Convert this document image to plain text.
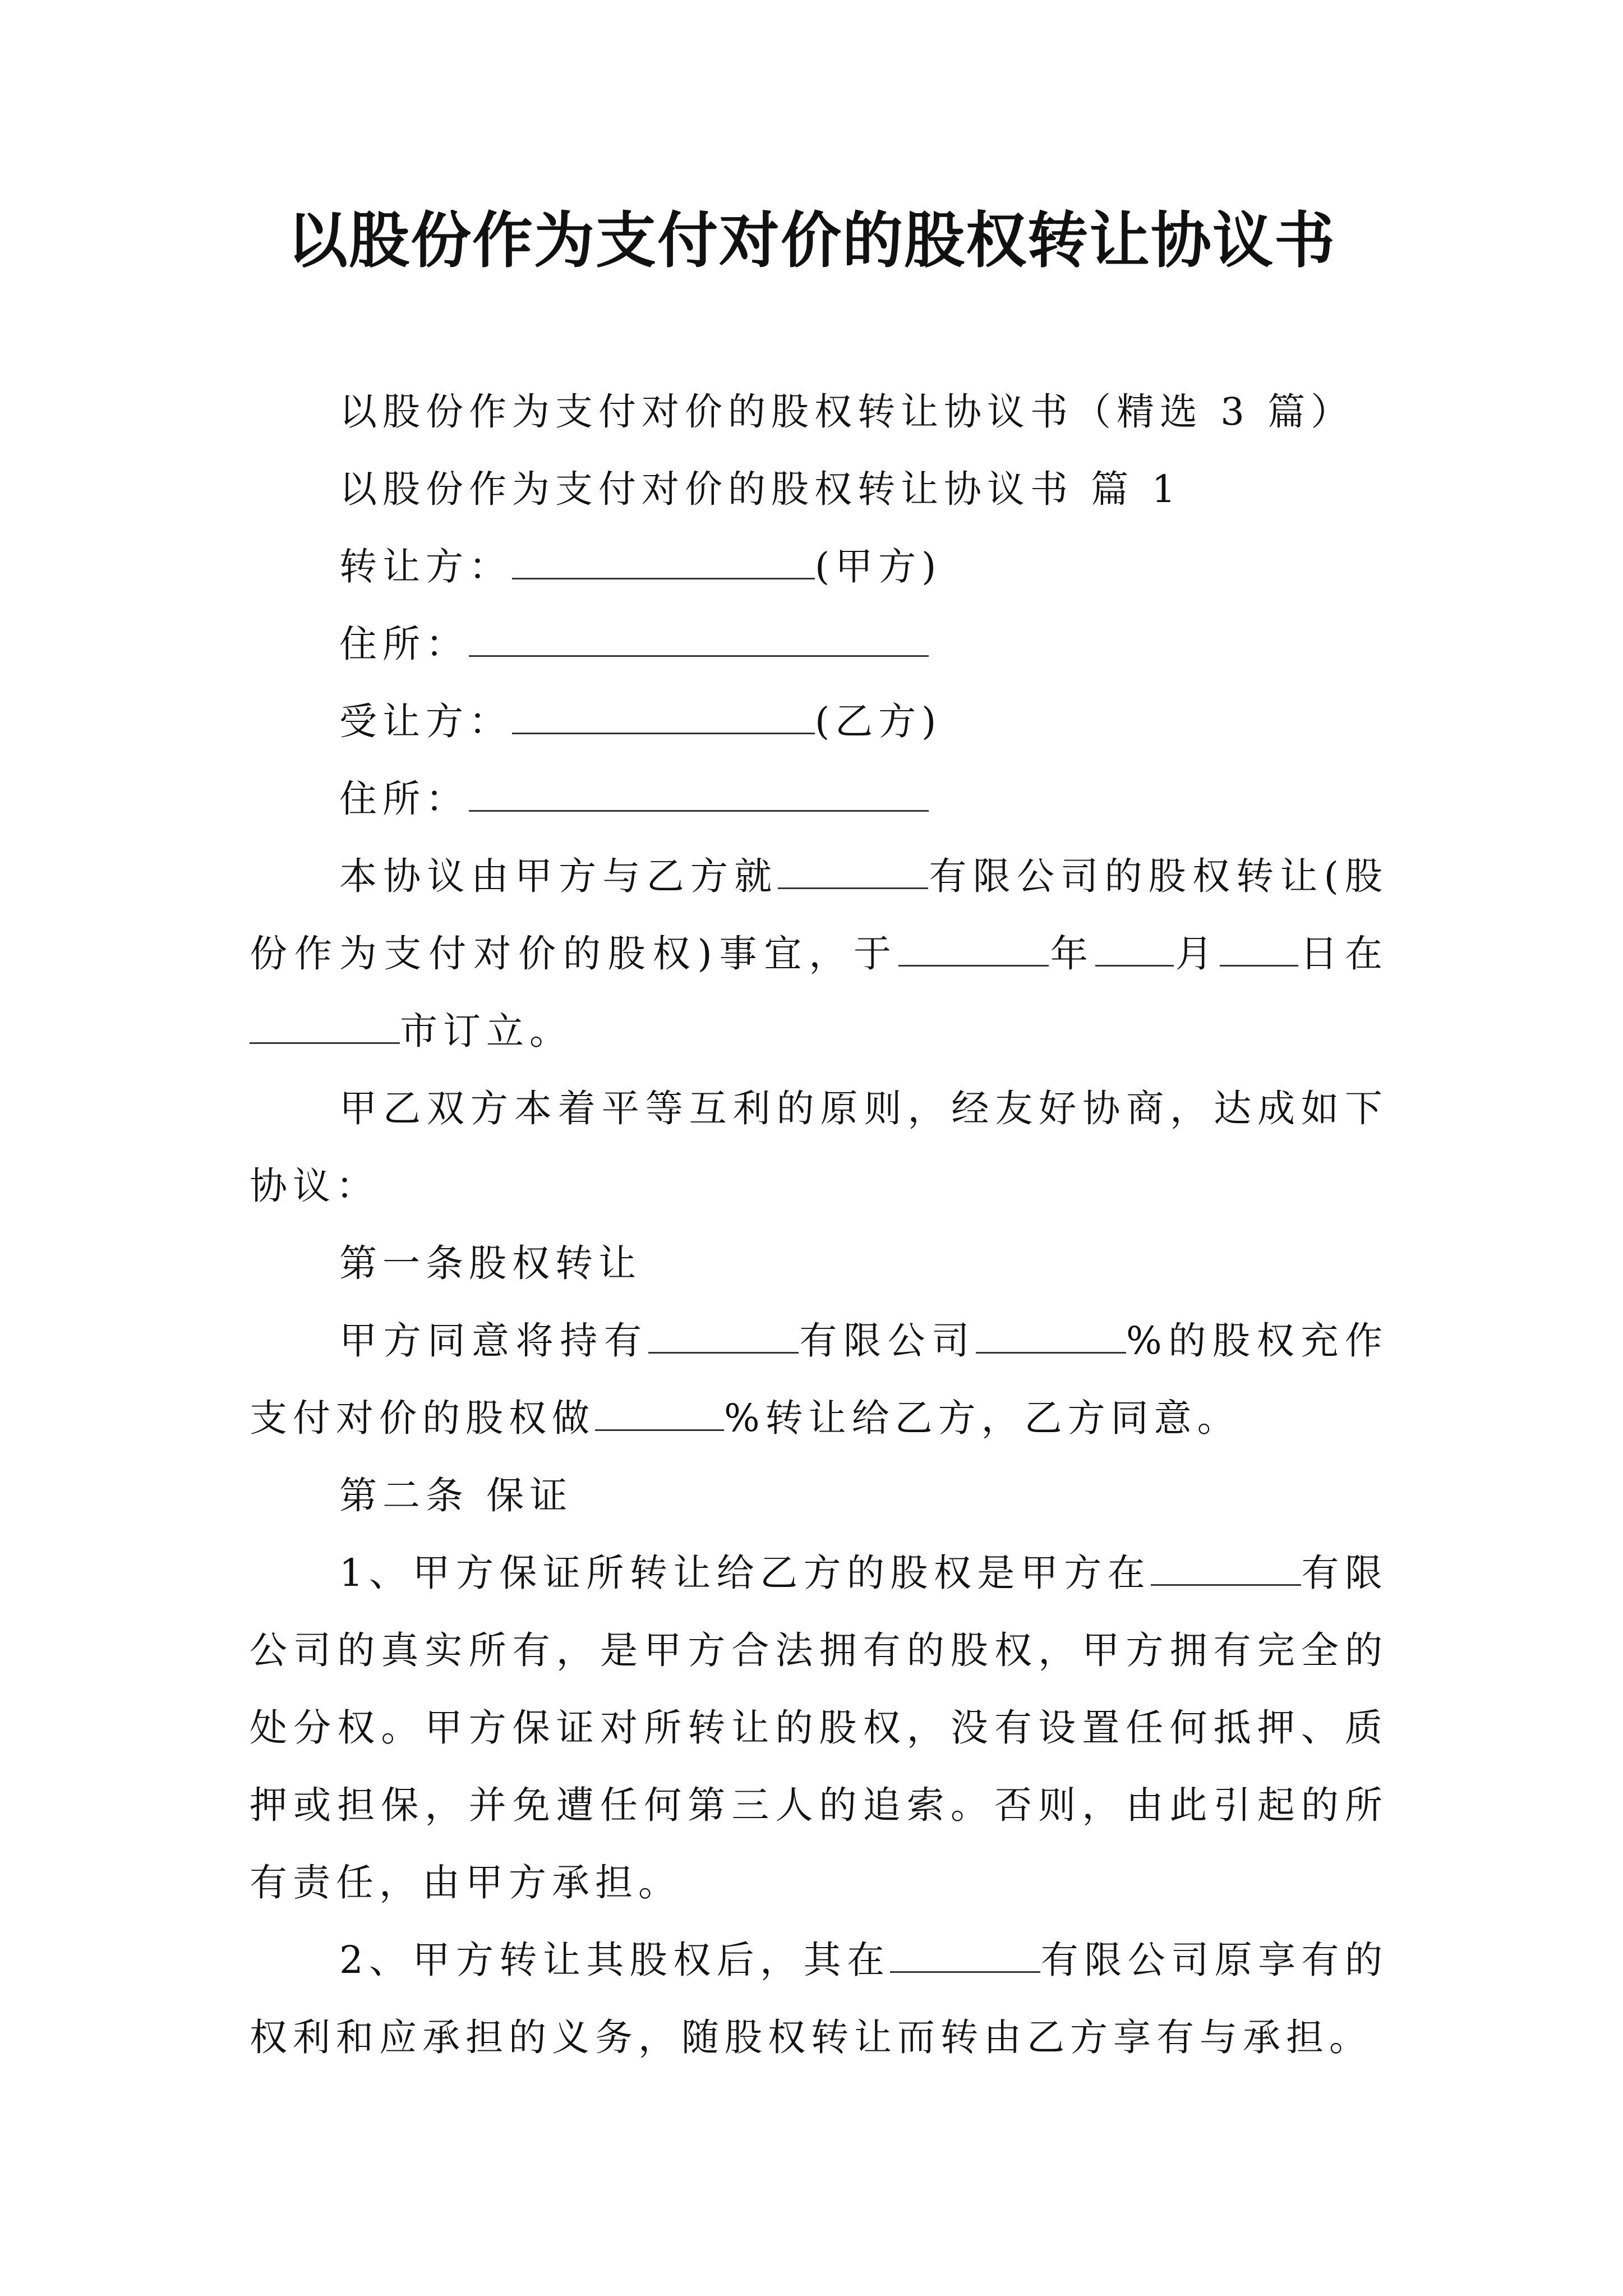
以股份作为支付对价的股权转让协议书

以股份作为支付对价的股权转让协议书（精选 3 篇）

以股份作为支付对价的股权转让协议书 篇 1

转让方：	(甲方)

住所：

受让方：	(乙方)

住所：

本协议由甲方与乙方就	有限公司的股权转让(股份作为支付对价的股权)事宜，于	年 月 日在市订立。

甲乙双方本着平等互利的原则，经友好协商，达成如下协议：

第一条股权转让

甲方同意将持有	有限公司	%的股权充作支付对价的股权做	%转让给乙方，乙方同意。

第二条 保证

1、甲方保证所转让给乙方的股权是甲方在	有限公司的真实所有，是甲方合法拥有的股权，甲方拥有完全的处分权。甲方保证对所转让的股权，没有设置任何抵押、质押或担保，并免遭任何第三人的追索。否则，由此引起的所有责任，由甲方承担。

2、甲方转让其股权后，其在	有限公司原享有的权利和应承担的义务，随股权转让而转由乙方享有与承担。
